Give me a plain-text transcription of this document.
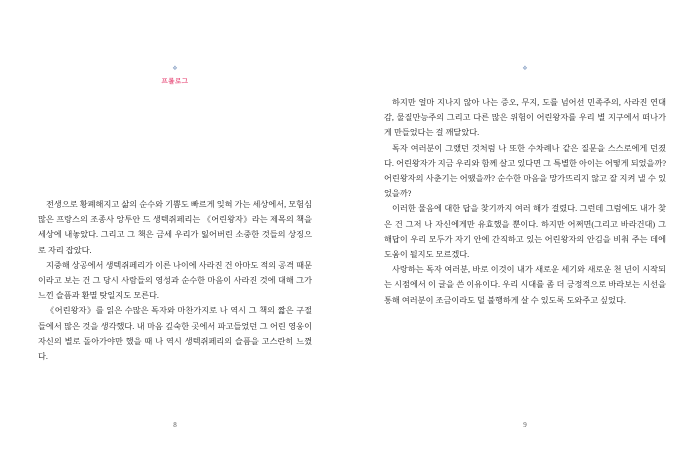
❖
프롤로그

전생으로 황폐해지고 삶의 순수와 기쁨도 빠르게 잊혀 가는 세상에서, 모험심 많은 프랑스의 조종사 앙투안 드 생텍쥐페리는 《어린왕자》라는 제목의 책을 세상에 내놓았다. 그리고 그 책은 금세 우리가 잃어버린 소중한 것들의 상징으로 자리 잡았다.

지중해 상공에서 생텍쥐페리가 이른 나이에 사라진 건 아마도 적의 공격 때문이라고 보는 건 그 당시 사람들의 영성과 순수한 마음이 사라진 것에 대해 그가 느낀 슬픔과 환멸 탓일지도 모른다.

《어린왕자》를 읽은 수많은 독자와 마찬가지로 나 역시 그 책의 짧은 구절들에서 많은 것을 생각했다. 내 마음 깊숙한 곳에서 파고들었던 그 어린 영웅이 자신의 별로 돌아가야만 했을 때 나 역시 생텍쥐페리의 슬픔을 고스란히 느꼈다.

8
❖

하지만 얼마 지나지 않아 나는 증오, 무지, 도를 넘어선 민족주의, 사라진 연대감, 물질만능주의 그리고 다른 많은 위험이 어린왕자를 우리 별 지구에서 떠나가게 만들었다는 걸 깨달았다.

독자 여러분이 그랬던 것처럼 나 또한 수차례나 같은 질문을 스스로에게 던졌다. 어린왕자가 지금 우리와 함께 살고 있다면 그 특별한 아이는 어떻게 되었을까? 어린왕자의 사춘기는 어땠을까? 순수한 마음을 망가뜨리지 않고 잘 지켜 낼 수 있었을까?

이러한 물음에 대한 답을 찾기까지 여러 해가 걸렸다. 그런데 그럼에도 내가 찾은 건 그저 나 자신에게만 유효했을 뿐이다. 하지만 어쩌면(그리고 바라건대) 그 해답이 우리 모두가 자기 안에 간직하고 있는 어린왕자의 안김을 비춰 주는 데에 도움이 될지도 모르겠다.

사랑하는 독자 여러분, 바로 이것이 내가 새로운 세기와 새로운 천 년이 시작되는 시점에서 이 글을 쓴 이유이다. 우리 시대를 좀 더 긍정적으로 바라보는 시선을 통해 여러분이 조금이라도 덜 불행하게 살 수 있도록 도와주고 싶었다.

9
